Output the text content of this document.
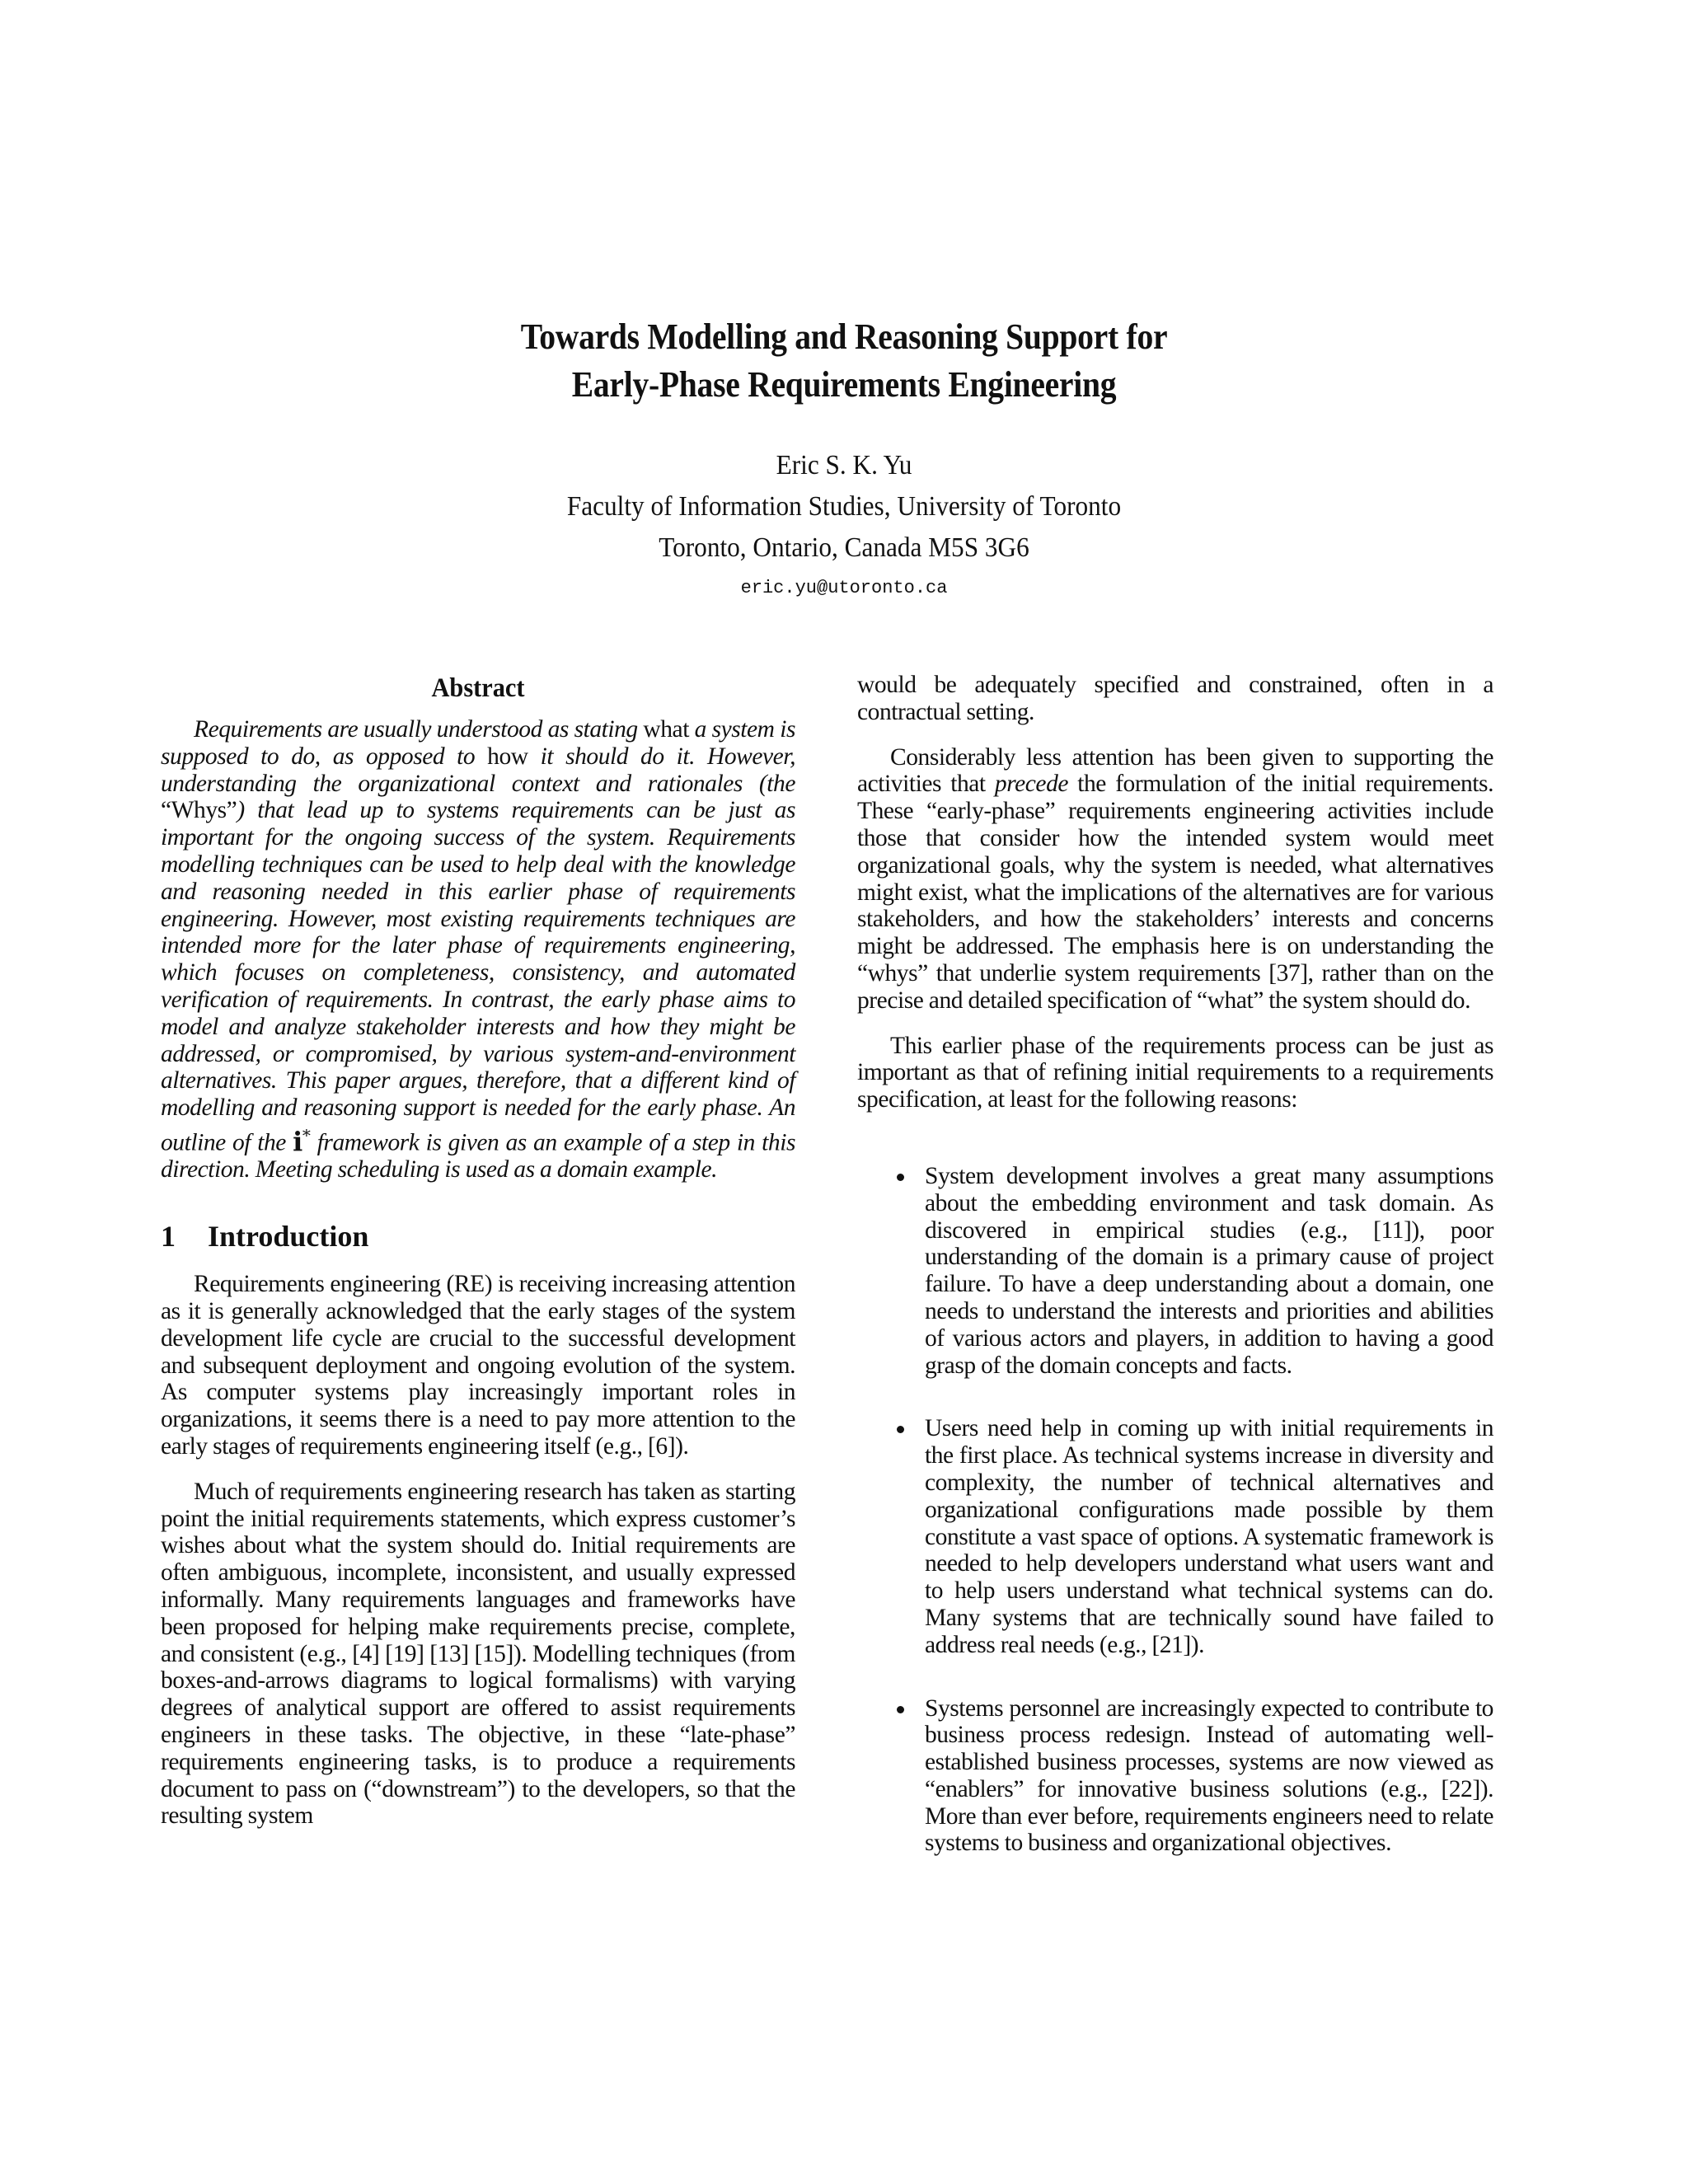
Towards Modelling and Reasoning Support for
Early-Phase Requirements Engineering
Eric S. K. Yu
Faculty of Information Studies, University of Toronto
Toronto, Ontario, Canada M5S 3G6
eric.yu@utoronto.ca
Abstract

Requirements are usually understood as stating what a system is supposed to do, as opposed to how it should do it. However, understanding the organizational context and rationales (the “Whys”) that lead up to systems requirements can be just as important for the ongoing success of the system. Requirements modelling techniques can be used to help deal with the knowledge and reasoning needed in this earlier phase of requirements engineering. However, most existing requirements techniques are intended more for the later phase of requirements engineering, which focuses on completeness, consistency, and automated verification of requirements. In contrast, the early phase aims to model and analyze stakeholder interests and how they might be addressed, or compromised, by various system-and-environment alternatives. This paper argues, therefore, that a different kind of modelling and reasoning support is needed for the early phase. An outline of the i* framework is given as an example of a step in this direction. Meeting scheduling is used as a domain example.

1	Introduction

Requirements engineering (RE) is receiving increasing attention as it is generally acknowledged that the early stages of the system development life cycle are crucial to the successful development and subsequent deployment and ongoing evolution of the system. As computer systems play increasingly important roles in organizations, it seems there is a need to pay more attention to the early stages of requirements engineering itself (e.g., [6]).

Much of requirements engineering research has taken as starting point the initial requirements statements, which express customer’s wishes about what the system should do. Initial requirements are often ambiguous, incomplete, inconsistent, and usually expressed informally. Many requirements languages and frameworks have been proposed for helping make requirements precise, complete, and consistent (e.g., [4] [19] [13] [15]). Modelling techniques (from boxes-and-arrows diagrams to logical formalisms) with varying degrees of analytical support are offered to assist requirements engineers in these tasks. The objective, in these “late-phase” requirements engineering tasks, is to produce a requirements document to pass on (“downstream”) to the developers, so that the resulting system

would be adequately specified and constrained, often in a contractual setting.

Considerably less attention has been given to supporting the activities that precede the formulation of the initial requirements. These “early-phase” requirements engineering activities include those that consider how the intended system would meet organizational goals, why the system is needed, what alternatives might exist, what the implications of the alternatives are for various stakeholders, and how the stakeholders’ interests and concerns might be addressed. The emphasis here is on understanding the “whys” that underlie system requirements [37], rather than on the precise and detailed specification of “what” the system should do.

This earlier phase of the requirements process can be just as important as that of refining initial requirements to a requirements specification, at least for the following reasons:

System development involves a great many assumptions about the embedding environment and task domain. As discovered in empirical studies (e.g., [11]), poor understanding of the domain is a primary cause of project failure. To have a deep understanding about a domain, one needs to understand the interests and priorities and abilities of various actors and players, in addition to having a good grasp of the domain concepts and facts.

Users need help in coming up with initial requirements in the first place. As technical systems increase in diversity and complexity, the number of technical alternatives and organizational configurations made possible by them constitute a vast space of options. A systematic framework is needed to help developers understand what users want and to help users understand what technical systems can do. Many systems that are technically sound have failed to address real needs (e.g., [21]).

Systems personnel are increasingly expected to contribute to business process redesign. Instead of automating well-established business processes, systems are now viewed as “enablers” for innovative business solutions (e.g., [22]). More than ever before, requirements engineers need to relate systems to business and organizational objectives.
